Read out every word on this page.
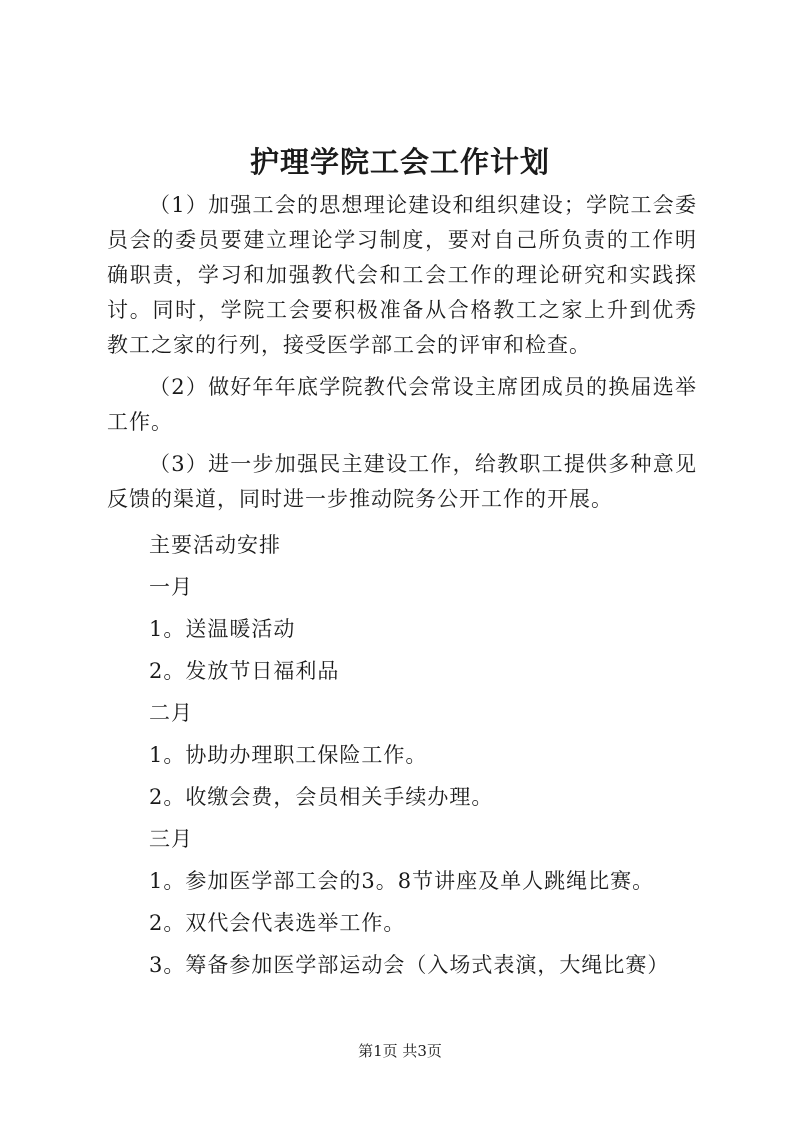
护理学院工会工作计划

（1）加强工会的思想理论建设和组织建设；学院工会委员会的委员要建立理论学习制度，要对自己所负责的工作明确职责，学习和加强教代会和工会工作的理论研究和实践探讨。同时，学院工会要积极准备从合格教工之家上升到优秀教工之家的行列，接受医学部工会的评审和检查。

（2）做好年年底学院教代会常设主席团成员的换届选举工作。

（3）进一步加强民主建设工作，给教职工提供多种意见反馈的渠道，同时进一步推动院务公开工作的开展。

主要活动安排

一月

1。送温暖活动

2。发放节日福利品

二月

1。协助办理职工保险工作。

2。收缴会费，会员相关手续办理。

三月

1。参加医学部工会的3。8节讲座及单人跳绳比赛。

2。双代会代表选举工作。

3。筹备参加医学部运动会（入场式表演，大绳比赛）

第1页 共3页
